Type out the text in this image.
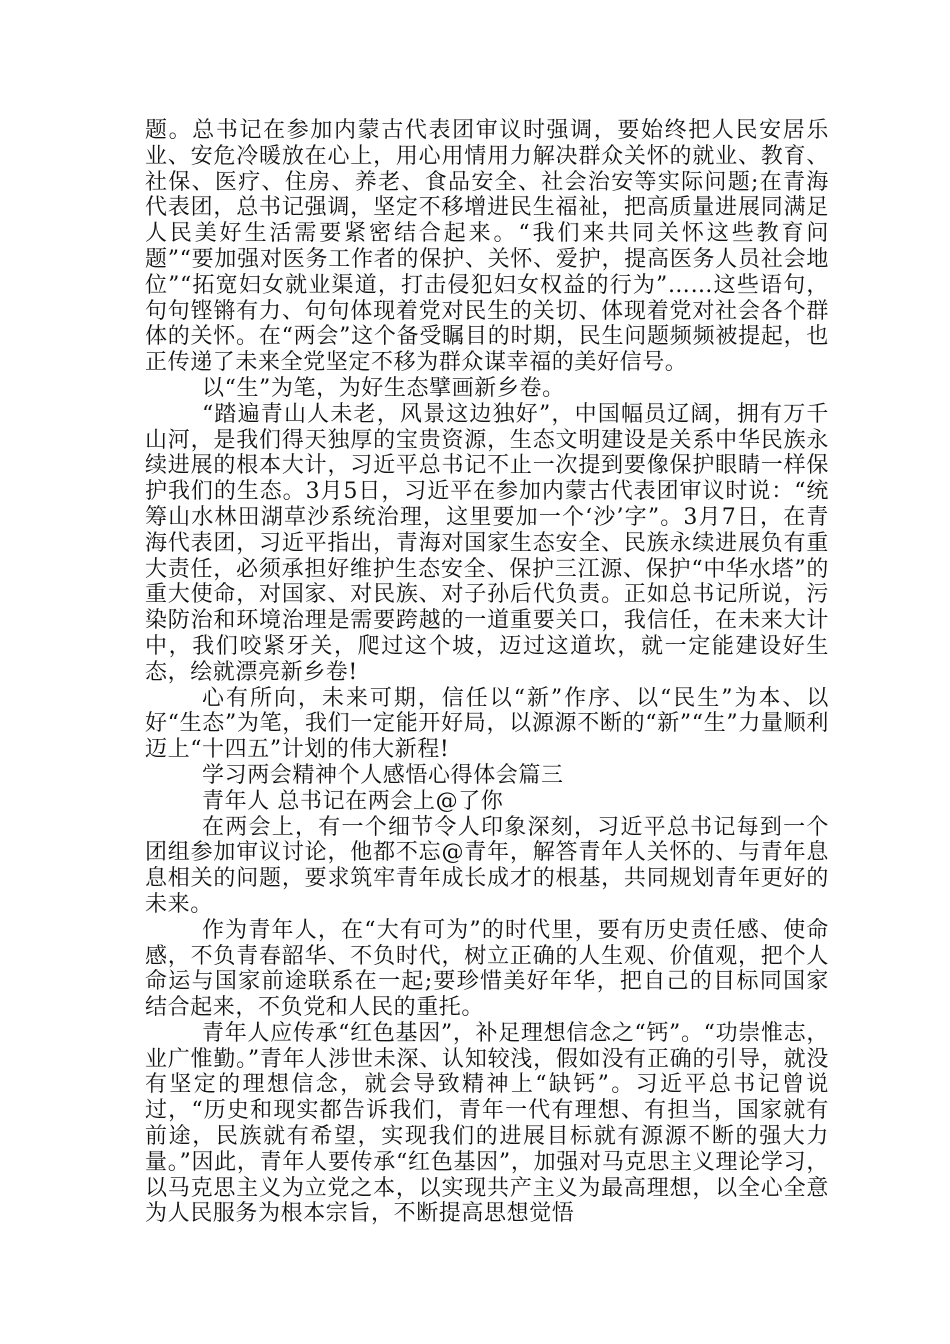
题。总书记在参加内蒙古代表团审议时强调，要始终把人民安居乐业、安危冷暖放在心上，用心用情用力解决群众关怀的就业、教育、社保、医疗、住房、养老、食品安全、社会治安等实际问题;在青海代表团，总书记强调，坚定不移增进民生福祉，把高质量进展同满足人民美好生活需要紧密结合起来。“我们来共同关怀这些教育问题”“要加强对医务工作者的保护、关怀、爱护，提高医务人员社会地位”“拓宽妇女就业渠道，打击侵犯妇女权益的行为”……这些语句，句句铿锵有力、句句体现着党对民生的关切、体现着党对社会各个群体的关怀。在“两会”这个备受瞩目的时期，民生问题频频被提起，也正传递了未来全党坚定不移为群众谋幸福的美好信号。

以“生”为笔，为好生态擘画新乡卷。

“踏遍青山人未老，风景这边独好”，中国幅员辽阔，拥有万千山河，是我们得天独厚的宝贵资源，生态文明建设是关系中华民族永续进展的根本大计，习近平总书记不止一次提到要像保护眼睛一样保护我们的生态。3月5日，习近平在参加内蒙古代表团审议时说：“统筹山水林田湖草沙系统治理，这里要加一个‘沙’字”。3月7日，在青海代表团，习近平指出，青海对国家生态安全、民族永续进展负有重大责任，必须承担好维护生态安全、保护三江源、保护“中华水塔”的重大使命，对国家、对民族、对子孙后代负责。正如总书记所说，污染防治和环境治理是需要跨越的一道重要关口，我信任，在未来大计中，我们咬紧牙关，爬过这个坡，迈过这道坎，就一定能建设好生态，绘就漂亮新乡卷!

心有所向，未来可期，信任以“新”作序、以“民生”为本、以好“生态”为笔，我们一定能开好局，以源源不断的“新”“生”力量顺利迈上“十四五”计划的伟大新程!

学习两会精神个人感悟心得体会篇三

青年人 总书记在两会上@了你

在两会上，有一个细节令人印象深刻，习近平总书记每到一个团组参加审议讨论，他都不忘@青年，解答青年人关怀的、与青年息息相关的问题，要求筑牢青年成长成才的根基，共同规划青年更好的未来。

作为青年人，在“大有可为”的时代里，要有历史责任感、使命感，不负青春韶华、不负时代，树立正确的人生观、价值观，把个人命运与国家前途联系在一起;要珍惜美好年华，把自己的目标同国家结合起来，不负党和人民的重托。

青年人应传承“红色基因”，补足理想信念之“钙”。“功崇惟志，业广惟勤。”青年人涉世未深、认知较浅，假如没有正确的引导，就没有坚定的理想信念，就会导致精神上“缺钙”。习近平总书记曾说过，“历史和现实都告诉我们，青年一代有理想、有担当，国家就有前途，民族就有希望，实现我们的进展目标就有源源不断的强大力量。”因此，青年人要传承“红色基因”，加强对马克思主义理论学习，以马克思主义为立党之本，以实现共产主义为最高理想，以全心全意为人民服务为根本宗旨，不断提高思想觉悟
